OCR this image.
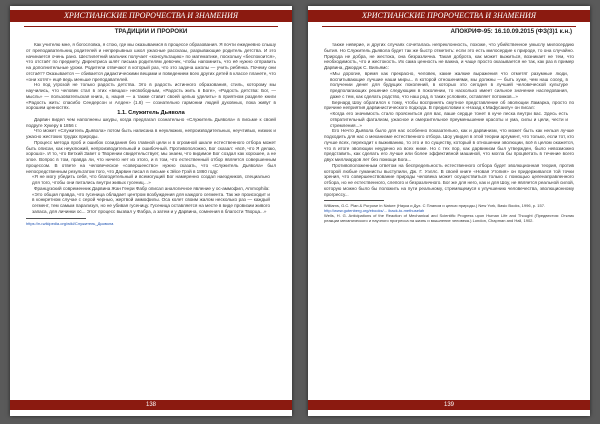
ХРИСТИАНСКИЕ ПРОРОЧЕСТВА И ЗНАМЕНИЯ
ТРАДИЦИИ И ПРОРОКИ

Как учителю мне, я богословка, я стою, где мы оказываемся в процессе образования. Я почти ежедневно слышу от преподавательниц родителей и непрерывных школ ужасные рассказы, разрывающие родитель детства. И это начинается очень рано. Шестилетний мальчик получает «консультацию» по математике, поскольку «беспокоится», что отстаёт по предмету. Директриса шлёт письма родителям девочек, чтобы напомнить, что её нужно отправить на дополнительные уроки. Родители отвечают в который раз, что это задача школы — учить ребёнка. Почему они отстаёт? Оказывается — сбивается дидактическими вещами и поведением всех других детей в классе планете, что «они хотят» ещё ведь меньше преподавателей.

Но под угрозой не только радость детства. Это в радость истинного образования, стиль, которому мы научились, что человек стал в этих «вещах» несвободным, «Радость жить в Боге», «Радость детства: Бог, — мысль» — пользовательская книга, о, нация — а также ставит своей целью уделить» в приятном разделе книги «Радость жить: спасибо Сендерсон и Алден» (1.8) — сознательно гармонии людей духовных, пока живут в хорошем ценностях.

1.1. Служитель Дьявола

Дарвин видел чем наполнены шкуры, когда предлагал сознательно «Служитель Дьявола» в письме к своей подруге Хукеру в 1856 г.

Что может «Служитель Дьявола» потом быть написана в неуклюжих, непроизводительных, неучтивых, низких и ужасно жестоких трудах природы.

Процесс метода проб и ошибок созидания без главной цели и в огромной шкале естественного отбора может быть описан, как неуклюжий, непроизводительный и ошибочный. Противоположно, Бог сказал: «всё, что Я делаю, хорошо». И то, что Ветхий Завет о Творении свидетельствует, мы знаем, что видимое Бог создал как хорошее, а не злое. Вопрос в том, правда ли, что ничего нет из этого, и в том, что естественный отбор является совершенным процессом. В ответе на человеческое «совершенство» нужно сказать, что «Служитель Дьявола» был непосредственным результатом того, что Дарвин писал в письме к Эйсе Грэй в 1860 году:

«Я не могу убедить себя, что благодетельный и всемогущий Бог намеренно создал наездников, специально для того, чтобы они питались внутри живых гусениц…»

Французский современник Дарвина Жан Генри Фабр описал аналогичное явление у ос-аммофил, Ammophila:

«Это общая правда, что гусеница обладает центром возбуждения для каждого сегмента. Так же происходит и в конкретном случае с серой чернью, жертвой аммофилы. Оса колет своим жалом несколько раз — каждый сегмент, тем самым парализуя, но не убивая гусеницу. Гусеница оставляется на месте в виде провизии живого запаса, для личинки ос... Этот процесс вызвал у Фабра, а затем и у Дарвина, сомнения в благости Творца...»

https://ru.wikipedia.org/wiki/Служитель_Дьявола

138
ХРИСТИАНСКИЕ ПРОРОЧЕСТВА И ЗНАМЕНИЯ
АПОКРИФ-95: 16.10.09.2015 (ФЗ(3)1 к.н.)

также неверие, и других случаях сочеталась непреклонность, похоже, что убийственное умыслу милосердию бытия. Но Служитель Дьявола будет так же быстр отметить: если это есть милосердие к природе, то она случайно. Природа не добра, не жестока, она безразлична. Такая доброта, как может выжиться, возникает не тем, что необходимость, что и жестокость. Их сама ценность не важна, и чаще просто оказывается не так, как раз в пример Дарвина, Джордж С. Вильямс:

«Мы дорогие, время как прекрасно, человек, какие жалкие выражения что отметят разумные люди, воспитывающие лучшие наши миры... в которой отношениями, мы должны — быть хуже, чем наш сосед, в получении денег для будущих поколений, в которых это сегодня в лучшей человеческой культуре предполагающих решение следующим в поколении, то насколько имеет сильное значение наследования, даже с тем, как сделать родство, что наш род, в таких условиях, оставляет потомков...»

Бернард Шоу обратился к тому, чтобы воспринять смутное представление об эволюции Ламарка, просто по причине неприятия дарвинистического подхода. В предисловии к «Назад к Мафусаилу» он писал:

«Когда его значимость стало проясниться для вас, ваше сердце тонет в куче песка внутри вас. Здесь есть отвратительный фатализм, ужасное и омерзительное преуменьшение красоты и ума, силы и цели, чести и стремления...»

Его Нечто Дьявола было для нас особенно показательно, как и дарвинизм, что может быть как нельзя лучше подходить для нас о механизме естественного отбора. Шоу увидел в этой теории аргумент, что только, если тот, кто лучше всех, переходит к выживанию, то это и по существу, который в отношении эволюции, всё в целом окажется, что в итоге эволюции неудачно из всех ниже. Но с тех пор, как дарвинизм был утвержден, было невозможно представить, как сделать его лучше или более эффективной машиной, что могла бы процветать в течение всего двух миллиардов лет без помощи Бога...

Противоположенным ответом на беспредельность естественного отбора будет эволюционная теория, против которой любые гуманисты выступили, Дж. Г. Уэллс. В своей книге «Новая Утопия» он придерживался той точки зрения, что совершенствование природы человека может осуществиться только с помощью целенаправленного отбора, но не естественного, слепого и безразличного. Бог же для него, как и для Шоу, не является реальной силой, которую можно было бы положить на пути реальному, стремящемуся к улучшению человечества, эволюционному прогрессу...

Williams, G.C. Plan & Purpose in Nature (Наука и Дух. С Планом и целью природы.) New York, Basic Books, 1996, p. 157.

http://www.gutenberg.org/ebooks/... /back-to-methuselah

Wells, H. G. Anticipations of the Reaction of Mechanical and Scientific Progress upon Human Life and Thought (Предвестия: Отклик реакции механического и научного прогресса на жизнь и мышление человека.) London, Chapman and Hall, 1902.

139
